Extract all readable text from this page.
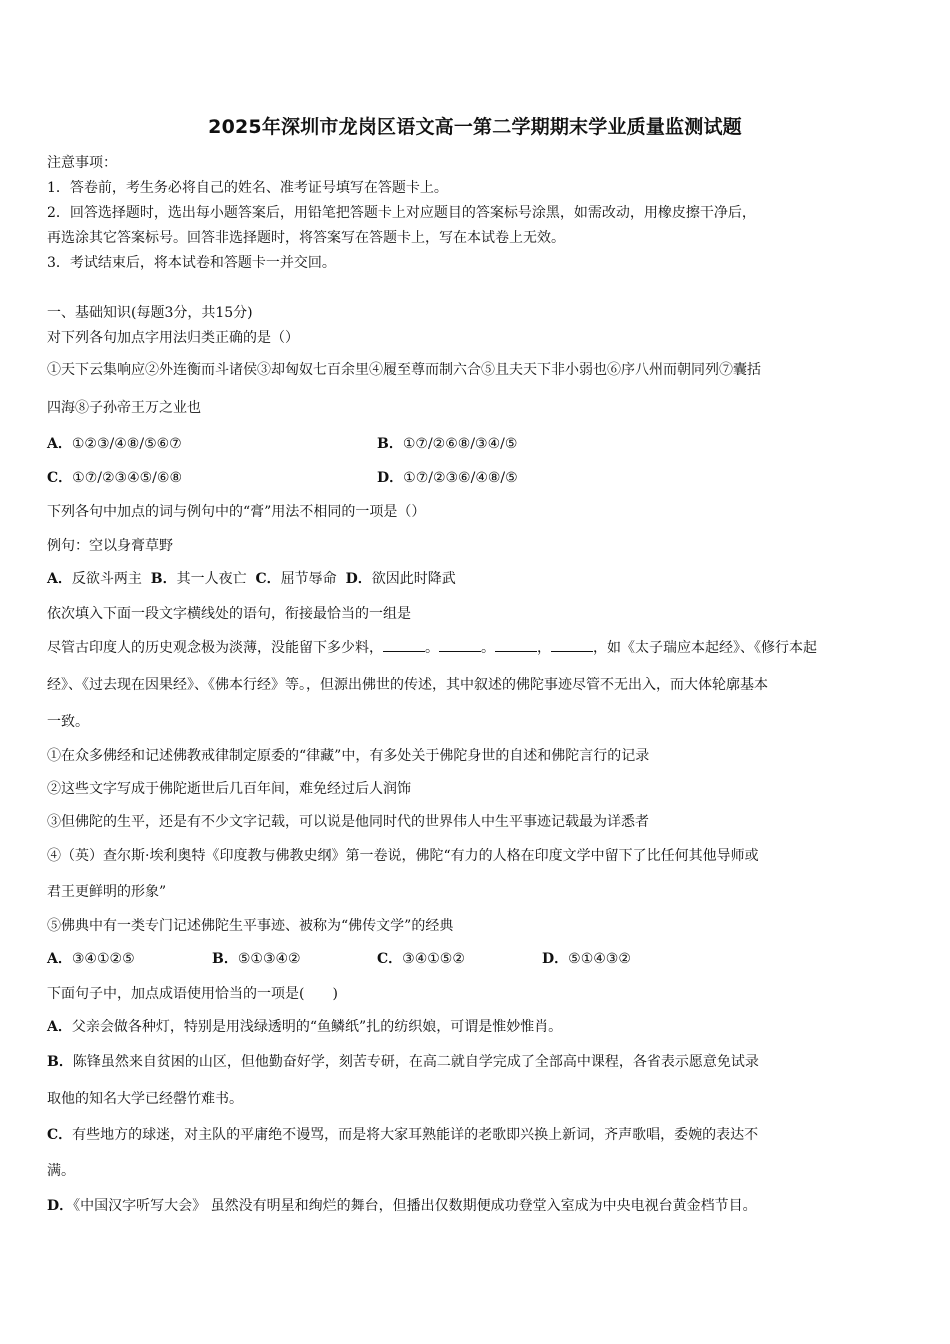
2025年深圳市龙岗区语文高一第二学期期末学业质量监测试题
注意事项：
1．答卷前，考生务必将自己的姓名、准考证号填写在答题卡上。
2．回答选择题时，选出每小题答案后，用铅笔把答题卡上对应题目的答案标号涂黑，如需改动，用橡皮擦干净后，
再选涂其它答案标号。回答非选择题时，将答案写在答题卡上，写在本试卷上无效。
3．考试结束后，将本试卷和答题卡一并交回。
一、基础知识(每题3分，共15分)
对下列各句加点字用法归类正确的是（）
①天下云集响应②外连衡而斗诸侯③却匈奴七百余里④履至尊而制六合⑤且夫天下非小弱也⑥序八州而朝同列⑦囊括
四海⑧子孙帝王万之业也
A．①②③/④⑧/⑤⑥⑦	B．①⑦/②⑥⑧/③④/⑤
C．①⑦/②③④⑤/⑥⑧	D．①⑦/②③⑥/④⑧/⑤
下列各句中加点的词与例句中的“膏”用法不相同的一项是（）
例句：空以身膏草野
A．反欲斗两主 B．其一人夜亡 C．屈节辱命 D．欲因此时降武
依次填入下面一段文字横线处的语句，衔接最恰当的一组是
尽管古印度人的历史观念极为淡薄，没能留下多少料，	。	。	，	，如《太子瑞应本起经》、《修行本起
经》、《过去现在因果经》、《佛本行经》等。，但源出佛世的传述，其中叙述的佛陀事迹尽管不无出入，而大体轮廓基本
一致。
①在众多佛经和记述佛教戒律制定原委的“律藏”中，有多处关于佛陀身世的自述和佛陀言行的记录
②这些文字写成于佛陀逝世后几百年间，难免经过后人润饰
③但佛陀的生平，还是有不少文字记载，可以说是他同时代的世界伟人中生平事迹记载最为详悉者
④（英）查尔斯·埃利奥特《印度教与佛教史纲》第一卷说，佛陀“有力的人格在印度文学中留下了比任何其他导师或
君王更鲜明的形象”
⑤佛典中有一类专门记述佛陀生平事迹、被称为“佛传文学”的经典
A．③④①②⑤	B．⑤①③④②	C．③④①⑤②	D．⑤①④③②
下面句子中，加点成语使用恰当的一项是(　　)
A．父亲会做各种灯，特别是用浅绿透明的“鱼鳞纸”扎的纺织娘，可谓是惟妙惟肖。
B．陈锋虽然来自贫困的山区，但他勤奋好学，刻苦专研，在高二就自学完成了全部高中课程，各省表示愿意免试录
取他的知名大学已经罄竹难书。
C．有些地方的球迷，对主队的平庸绝不谩骂，而是将大家耳熟能详的老歌即兴换上新词，齐声歌唱，委婉的表达不
满。
D．《中国汉字听写大会》 虽然没有明星和绚烂的舞台，但播出仅数期便成功登堂入室成为中央电视台黄金档节目。
